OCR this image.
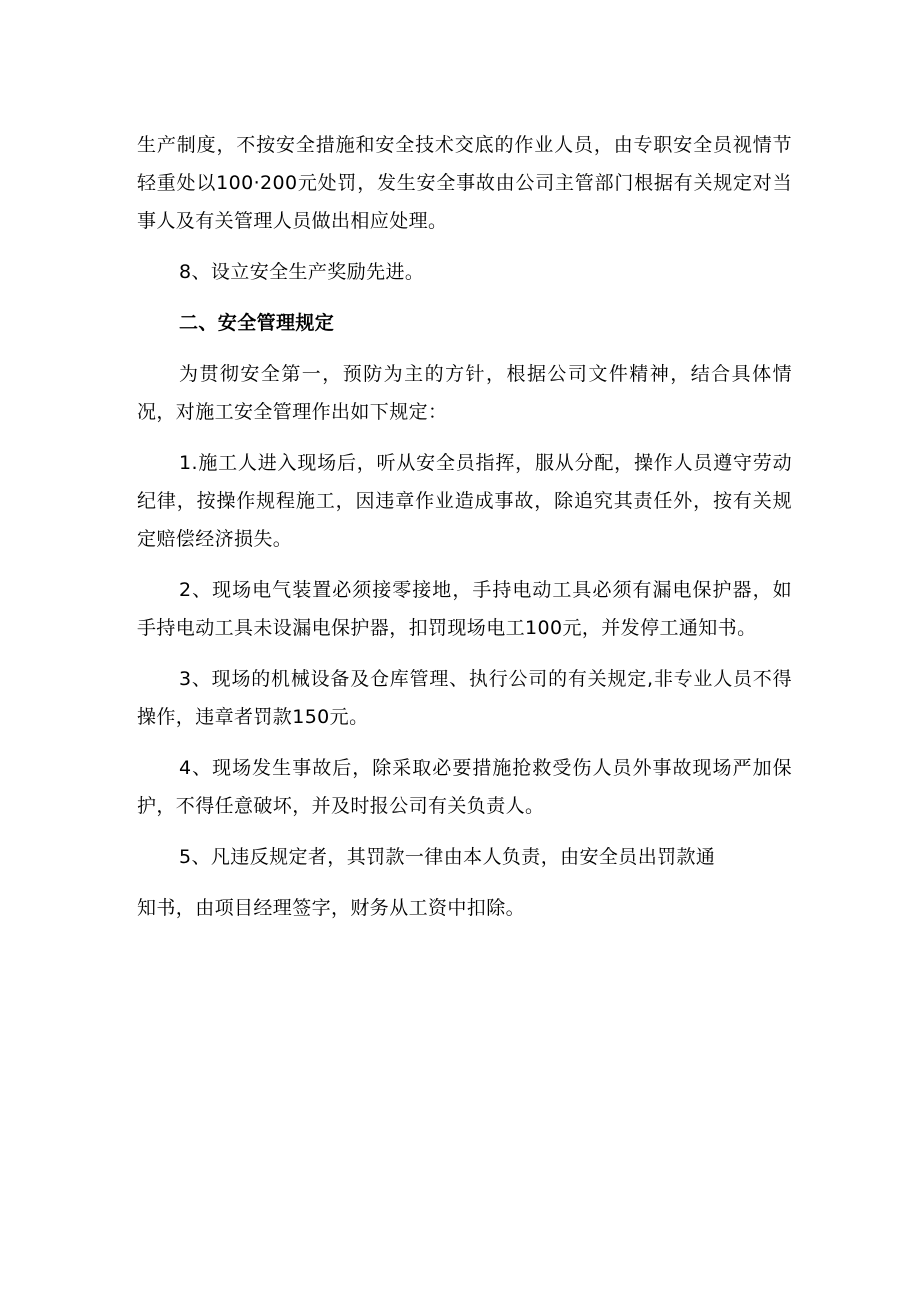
生产制度，不按安全措施和安全技术交底的作业人员，由专职安全员视情节轻重处以100·200元处罚，发生安全事故由公司主管部门根据有关规定对当事人及有关管理人员做出相应处理。

8、设立安全生产奖励先进。

二、安全管理规定

为贯彻安全第一，预防为主的方针，根据公司文件精神，结合具体情况，对施工安全管理作出如下规定：

1.施工人进入现场后，听从安全员指挥，服从分配，操作人员遵守劳动纪律，按操作规程施工，因违章作业造成事故，除追究其责任外，按有关规定赔偿经济损失。

2、现场电气装置必须接零接地，手持电动工具必须有漏电保护器，如手持电动工具未设漏电保护器，扣罚现场电工100元，并发停工通知书。

3、现场的机械设备及仓库管理、执行公司的有关规定,非专业人员不得操作，违章者罚款150元。

4、现场发生事故后，除采取必要措施抢救受伤人员外事故现场严加保护，不得任意破坏，并及时报公司有关负责人。

5、凡违反规定者，其罚款一律由本人负责，由安全员出罚款通

知书，由项目经理签字，财务从工资中扣除。
